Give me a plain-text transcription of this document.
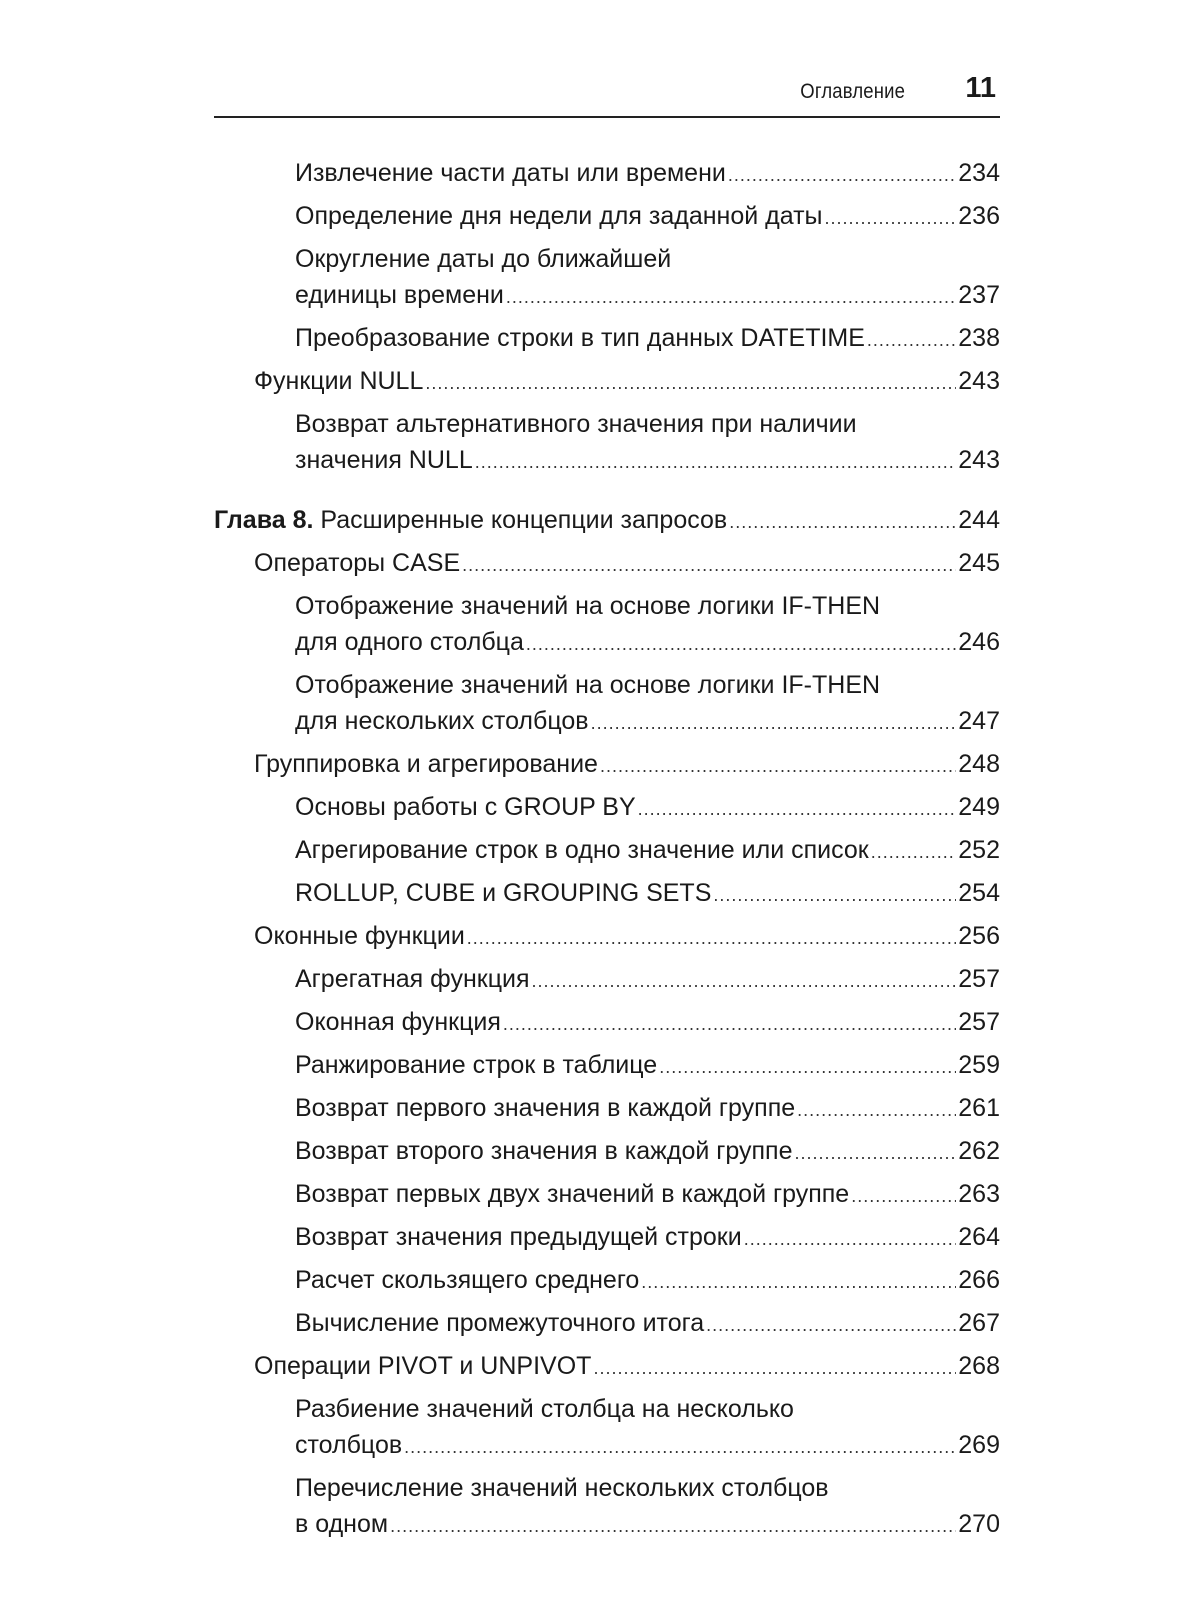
Оглавление 11
Извлечение части даты или времени .....	234
Определение дня недели для заданной даты .....	236
Округление даты до ближайшей
единицы времени .....	237
Преобразование строки в тип данных DATETIME .....	238
Функции NULL .....	243
Возврат альтернативного значения при наличии
значения NULL .....	243
Глава 8. Расширенные концепции запросов .....	244
Операторы CASE .....	245
Отображение значений на основе логики IF-THEN
для одного столбца .....	246
Отображение значений на основе логики IF-THEN
для нескольких столбцов .....	247
Группировка и агрегирование .....	248
Основы работы с GROUP BY .....	249
Агрегирование строк в одно значение или список .....	252
ROLLUP, CUBE и GROUPING SETS .....	254
Оконные функции .....	256
Агрегатная функция .....	257
Оконная функция .....	257
Ранжирование строк в таблице .....	259
Возврат первого значения в каждой группе .....	261
Возврат второго значения в каждой группе .....	262
Возврат первых двух значений в каждой группе .....	263
Возврат значения предыдущей строки .....	264
Расчет скользящего среднего .....	266
Вычисление промежуточного итога .....	267
Операции PIVOT и UNPIVOT .....	268
Разбиение значений столбца на несколько
столбцов .....	269
Перечисление значений нескольких столбцов
в одном .....	270
